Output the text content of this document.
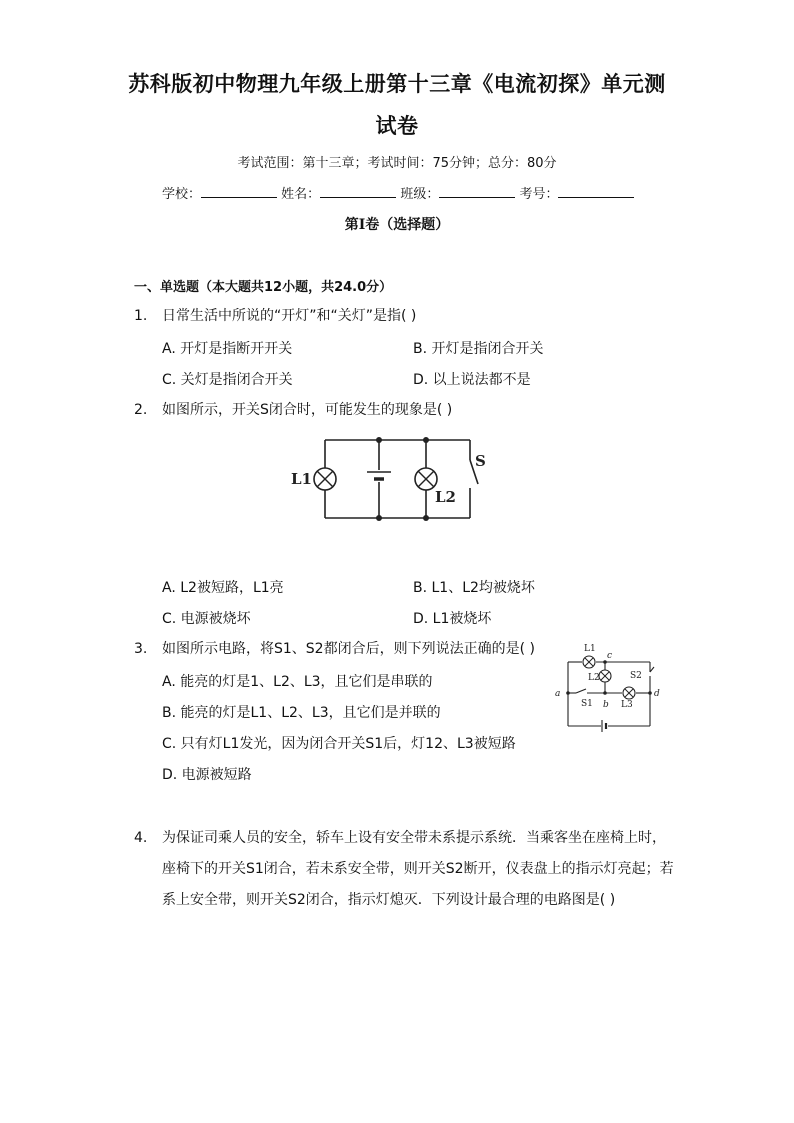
苏科版初中物理九年级上册第十三章《电流初探》单元测
试卷
考试范围：第十三章；考试时间：75分钟；总分：80分
学校：	姓名：	班级：	考号：
第I卷（选择题）
一、单选题（本大题共12小题，共24.0分）
1. 日常生活中所说的“开灯”和“关灯”是指( )
A. 开灯是指断开开关	B. 开灯是指闭合开关
C. 关灯是指闭合开关	D. 以上说法都不是
2. 如图所示，开关S闭合时，可能发生的现象是( )
L1
L2
S
A. L2被短路，L1亮	B. L1、L2均被烧坏
C. 电源被烧坏	D. L1被烧坏
3. 如图所示电路，将S1、S2都闭合后，则下列说法正确的是( )
A. 能亮的灯是1、L2、L3，且它们是串联的
B. 能亮的灯是L1、L2、L3，且它们是并联的
C. 只有灯L1发光，因为闭合开关S1后，灯12、L3被短路
D. 电源被短路
L1
L2
L3
S1
S2
a
b
c
d
4. 为保证司乘人员的安全，轿车上设有安全带未系提示系统．当乘客坐在座椅上时，
座椅下的开关S1闭合，若未系安全带，则开关S2断开，仪表盘上的指示灯亮起；若
系上安全带，则开关S2闭合，指示灯熄灭．下列设计最合理的电路图是( )
